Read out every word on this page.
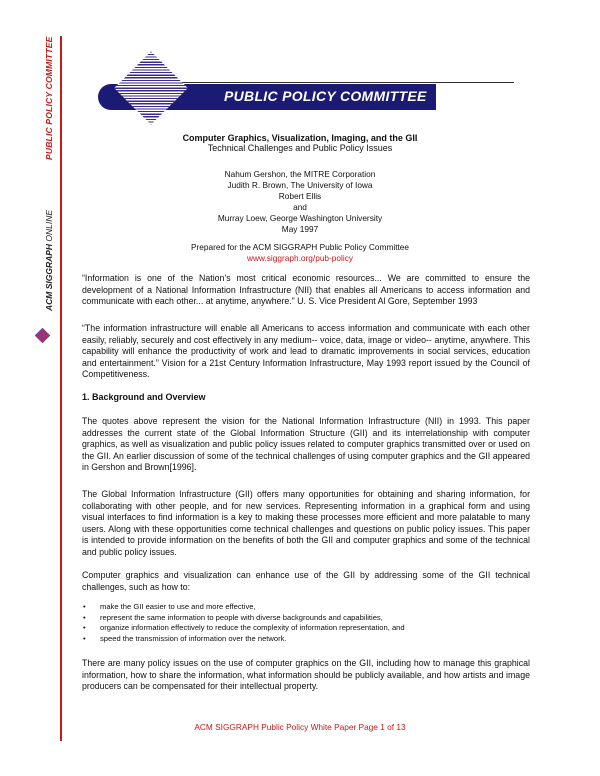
PUBLIC POLICY COMMITTEE
ACM SIGGRAPH ONLINE
PUBLIC POLICY COMMITTEE
Computer Graphics, Visualization, Imaging, and the GII
Technical Challenges and Public Policy Issues
Nahum Gershon, the MITRE Corporation
Judith R. Brown, The University of Iowa
Robert Ellis
and
Murray Loew, George Washington University
May 1997
Prepared for the ACM SIGGRAPH Public Policy Committee
www.siggraph.org/pub-policy
“Information is one of the Nation’s most critical economic resources... We are committed to ensure the development of a National Information Infrastructure (NII) that enables all Americans to access information and communicate with each other... at anytime, anywhere.” U. S. Vice President Al Gore, September 1993
“The information infrastructure will enable all Americans to access information and communicate with each other easily, reliably, securely and cost effectively in any medium-- voice, data, image or video-- anytime, anywhere. This capability will enhance the productivity of work and lead to dramatic improvements in social services, education and entertainment.” Vision for a 21st Century Information Infrastructure, May 1993 report issued by the Council of Competitiveness.
1. Background and Overview
The quotes above represent the vision for the National Information Infrastructure (NII) in 1993. This paper addresses the current state of the Global Information Structure (GII) and its interrelationship with computer graphics, as well as visualization and public policy issues related to computer graphics transmitted over or used on the GII. An earlier discussion of some of the technical challenges of using computer graphics and the GII appeared in Gershon and Brown[1996].
The Global Information Infrastructure (GII) offers many opportunities for obtaining and sharing information, for collaborating with other people, and for new services. Representing information in a graphical form and using visual interfaces to find information is a key to making these processes more efficient and more palatable to many users. Along with these opportunities come technical challenges and questions on public policy issues. This paper is intended to provide information on the benefits of both the GII and computer graphics and some of the technical and public policy issues.
Computer graphics and visualization can enhance use of the GII by addressing some of the GII technical challenges, such as how to:
• make the GII easier to use and more effective,
• represent the same information to people with diverse backgrounds and capabilities,
• organize information effectively to reduce the complexity of information representation, and
• speed the transmission of information over the network.
There are many policy issues on the use of computer graphics on the GII, including how to manage this graphical information, how to share the information, what information should be publicly available, and how artists and image producers can be compensated for their intellectual property.
ACM SIGGRAPH Public Policy White Paper Page 1 of 13
